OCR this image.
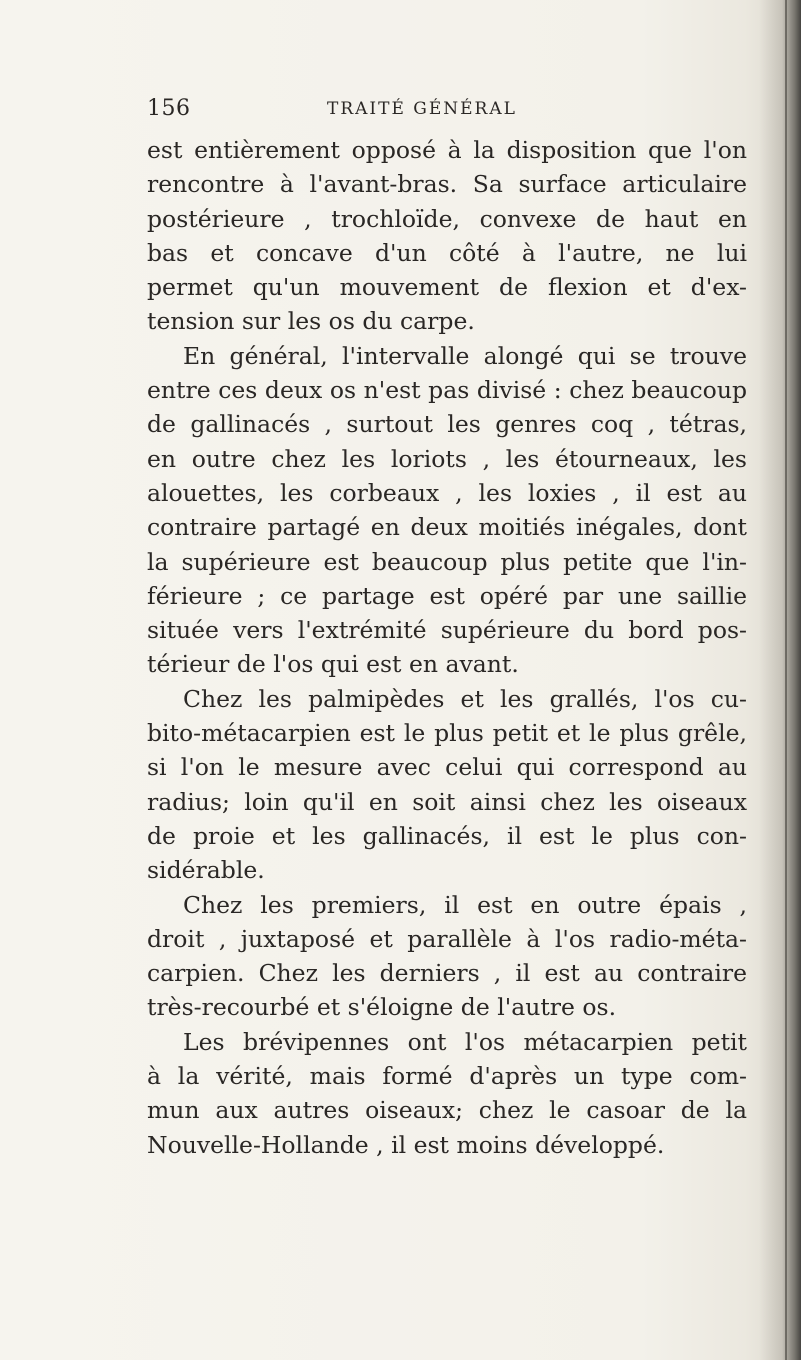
156	TRAITÉ GÉNÉRAL
est entièrement opposé à la disposition que l'on
rencontre à l'avant-bras. Sa surface articulaire
postérieure , trochloïde, convexe de haut en
bas et concave d'un côté à l'autre, ne lui
permet qu'un mouvement de flexion et d'ex-
tension sur les os du carpe.
En général, l'intervalle alongé qui se trouve
entre ces deux os n'est pas divisé : chez beaucoup
de gallinacés , surtout les genres coq , tétras,
en outre chez les loriots , les étourneaux, les
alouettes, les corbeaux , les loxies , il est au
contraire partagé en deux moitiés inégales, dont
la supérieure est beaucoup plus petite que l'in-
férieure ; ce partage est opéré par une saillie
située vers l'extrémité supérieure du bord pos-
térieur de l'os qui est en avant.
Chez les palmipèdes et les grallés, l'os cu-
bito-métacarpien est le plus petit et le plus grêle,
si l'on le mesure avec celui qui correspond au
radius; loin qu'il en soit ainsi chez les oiseaux
de proie et les gallinacés, il est le plus con-
sidérable.
Chez les premiers, il est en outre épais ,
droit , juxtaposé et parallèle à l'os radio-méta-
carpien. Chez les derniers , il est au contraire
très-recourbé et s'éloigne de l'autre os.
Les brévipennes ont l'os métacarpien petit
à la vérité, mais formé d'après un type com-
mun aux autres oiseaux; chez le casoar de la
Nouvelle-Hollande , il est moins développé.
